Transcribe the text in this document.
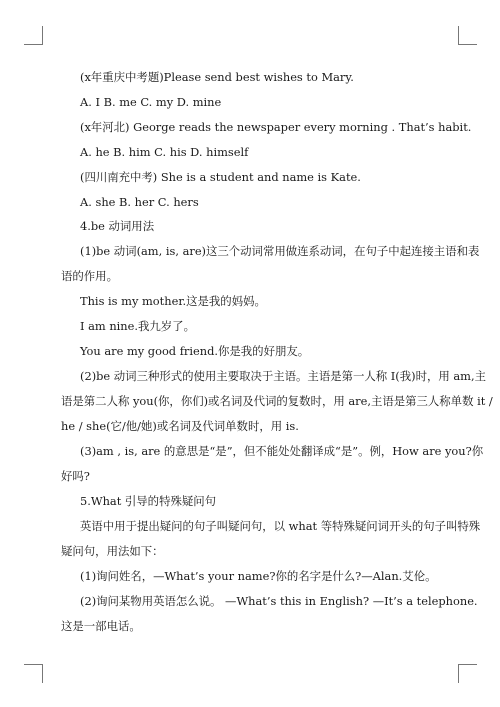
(x年重庆中考题)Please send best wishes to Mary.
A. I B. me C. my D. mine
(x年河北) George reads the newspaper every morning . That’s habit.
A. he B. him C. his D. himself
(四川南充中考) She is a student and name is Kate.
A. she B. her C. hers
4.be 动词用法
(1)be 动词(am, is, are)这三个动词常用做连系动词，在句子中起连接主语和表
语的作用。
This is my mother.这是我的妈妈。
I am nine.我九岁了。
You are my good friend.你是我的好朋友。
(2)be 动词三种形式的使用主要取决于主语。主语是第一人称 I(我)时，用 am,主
语是第二人称 you(你，你们)或名词及代词的复数时，用 are,主语是第三人称单数 it /
he / she(它/他/她)或名词及代词单数时，用 is.
(3)am , is, are 的意思是“是”，但不能处处翻译成“是”。例，How are you?你
好吗?
5.What 引导的特殊疑问句
英语中用于提出疑问的句子叫疑问句，以 what 等特殊疑问词开头的句子叫特殊
疑问句，用法如下：
(1)询问姓名，—What’s your name?你的名字是什么?—Alan.艾伦。
(2)询问某物用英语怎么说。 —What’s this in English? —It’s a telephone.
这是一部电话。
